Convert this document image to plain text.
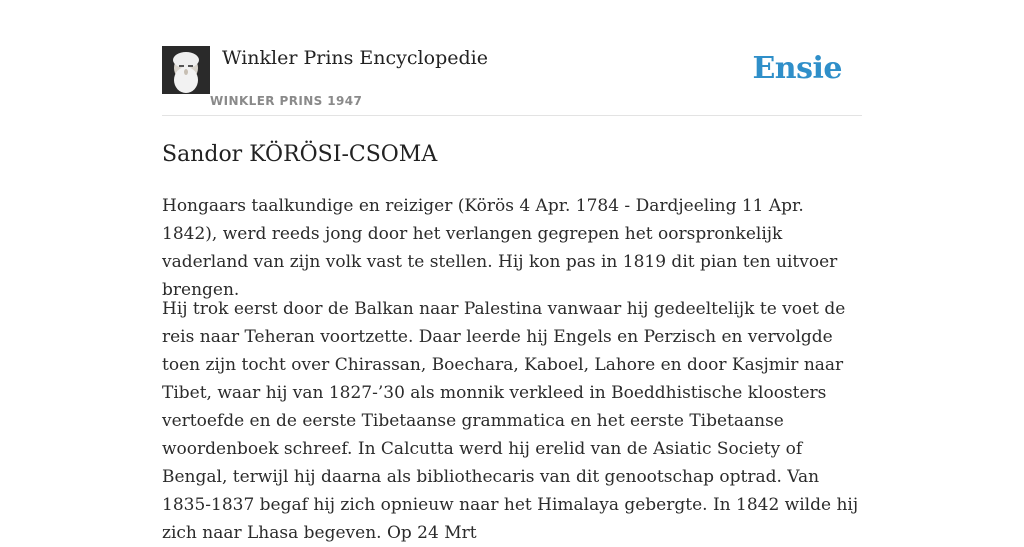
Winkler Prins Encyclopedie
WINKLER PRINS 1947
Ensie
Sandor KÖRÖSI-CSOMA

Hongaars taalkundige en reiziger (Körös 4 Apr. 1784 - Dardjeeling 11 Apr. 1842), werd reeds jong door het verlangen gegrepen het oorspronkelijk vaderland van zijn volk vast te stellen. Hij kon pas in 1819 dit pian ten uitvoer brengen.

Hij trok eerst door de Balkan naar Palestina vanwaar hij gedeeltelijk te voet de reis naar Teheran voortzette. Daar leerde hij Engels en Perzisch en vervolgde toen zijn tocht over Chirassan, Boechara, Kaboel, Lahore en door Kasjmir naar Tibet, waar hij van 1827-’30 als monnik verkleed in Boeddhistische kloosters vertoefde en de eerste Tibetaanse grammatica en het eerste Tibetaanse woordenboek schreef. In Calcutta werd hij erelid van de Asiatic Society of Bengal, terwijl hij daarna als bibliothecaris van dit genootschap optrad. Van 1835-1837 begaf hij zich opnieuw naar het Himalaya gebergte. In 1842 wilde hij zich naar Lhasa begeven. Op 24 Mrt
